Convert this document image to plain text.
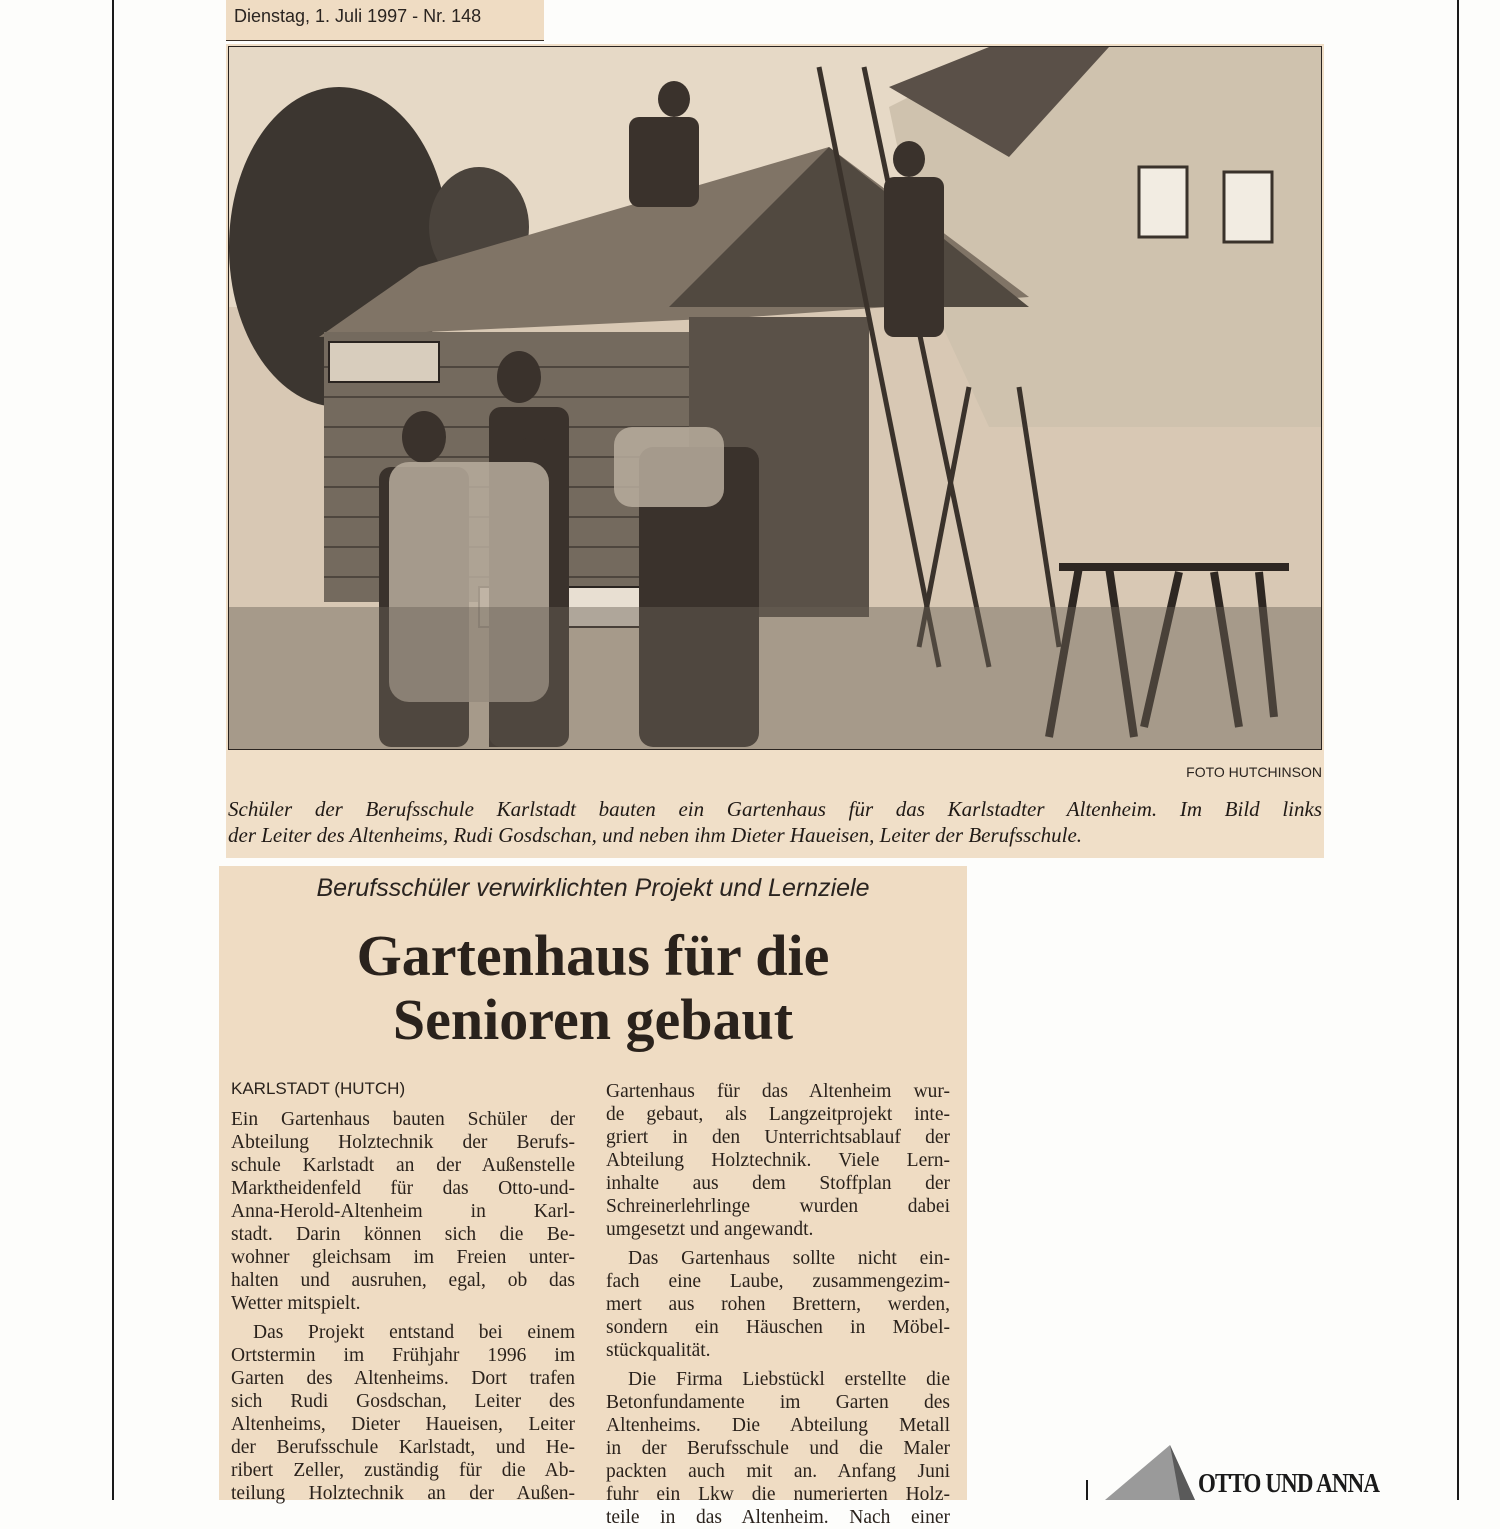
Dienstag, 1. Juli 1997 - Nr. 148
FOTO HUTCHINSON
Schüler der Berufsschule Karlstadt bauten ein Gartenhaus für das Karlstadter Altenheim. Im Bild links
der Leiter des Altenheims, Rudi Gosdschan, und neben ihm Dieter Haueisen, Leiter der Berufsschule.
Berufsschüler verwirklichten Projekt und Lernziele
Gartenhaus für die
Senioren gebaut

KARLSTADT (HUTCH)

Ein Gartenhaus bauten Schüler der

Abteilung Holztechnik der Berufs-

schule Karlstadt an der Außenstelle

Marktheidenfeld für das Otto-und-

Anna-Herold-Altenheim in Karl-

stadt. Darin können sich die Be-

wohner gleichsam im Freien unter-

halten und ausruhen, egal, ob das

Wetter mitspielt.

Das Projekt entstand bei einem

Ortstermin im Frühjahr 1996 im

Garten des Altenheims. Dort trafen

sich Rudi Gosdschan, Leiter des

Altenheims, Dieter Haueisen, Leiter

der Berufsschule Karlstadt, und He-

ribert Zeller, zuständig für die Ab-

teilung Holztechnik an der Außen-

Gartenhaus für das Altenheim wur-

de gebaut, als Langzeitprojekt inte-

griert in den Unterrichtsablauf der

Abteilung Holztechnik. Viele Lern-

inhalte aus dem Stoffplan der

Schreinerlehrlinge wurden dabei

umgesetzt und angewandt.

Das Gartenhaus sollte nicht ein-

fach eine Laube, zusammengezim-

mert aus rohen Brettern, werden,

sondern ein Häuschen in Möbel-

stückqualität.

Die Firma Liebstückl erstellte die

Betonfundamente im Garten des

Altenheims. Die Abteilung Metall

in der Berufsschule und die Maler

packten auch mit an. Anfang Juni

fuhr ein Lkw die numerierten Holz-

teile in das Altenheim. Nach einer

OTTO UND ANNA
